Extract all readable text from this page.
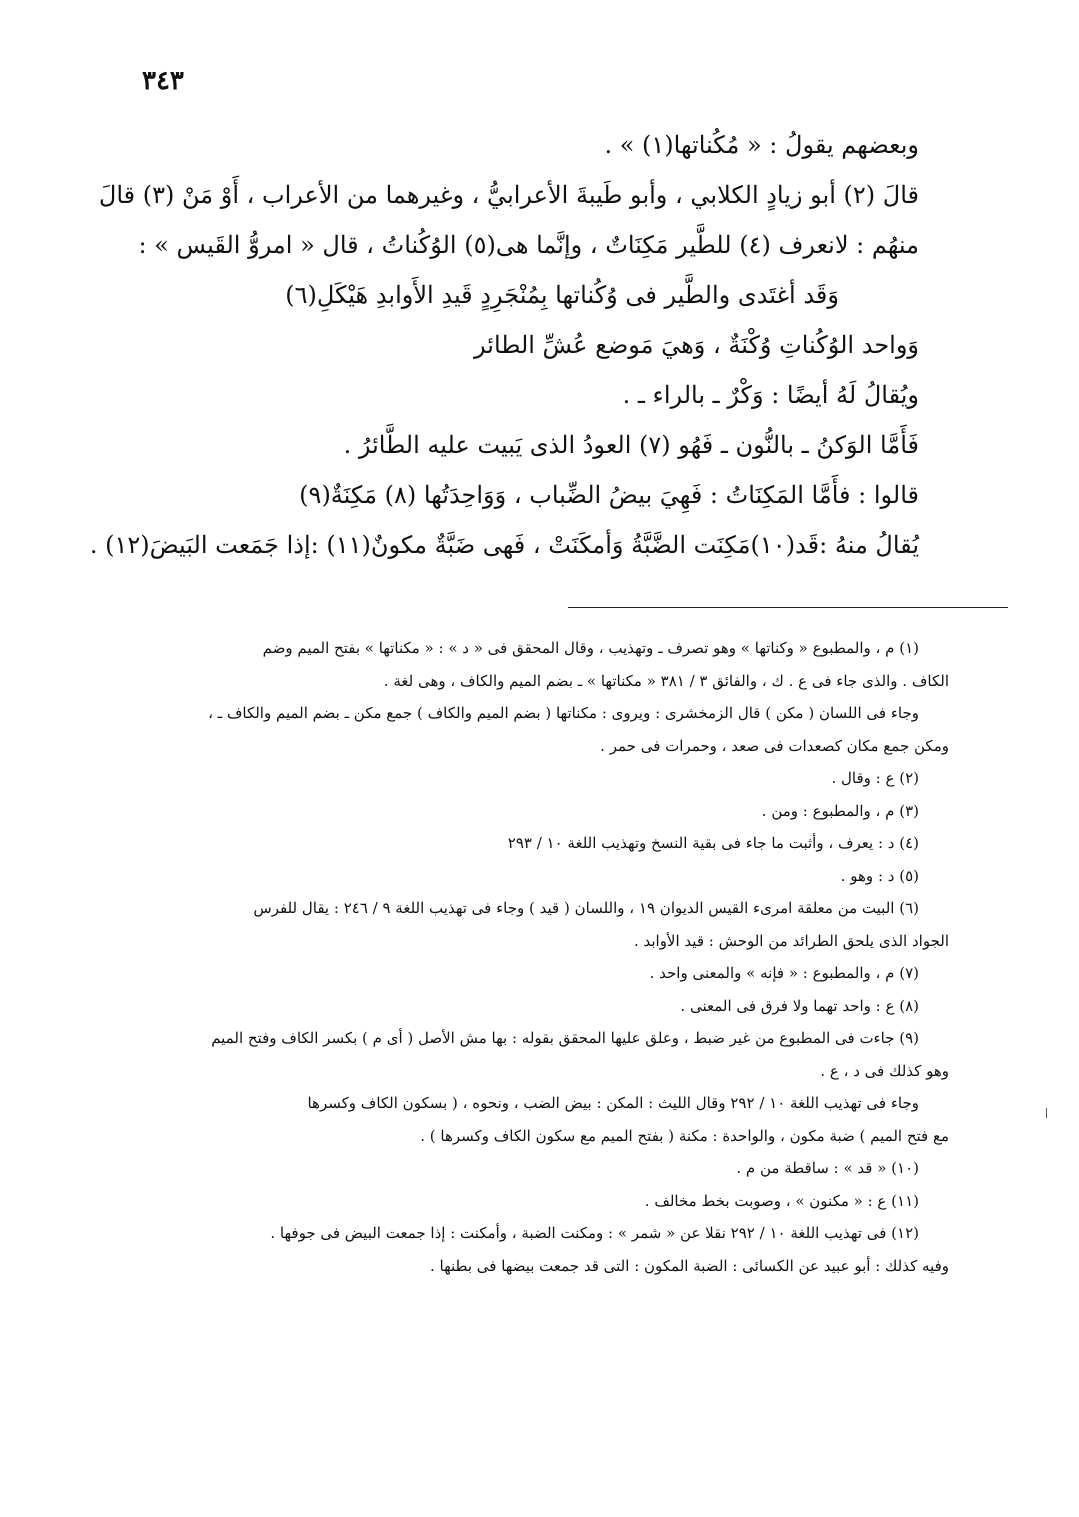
٣٤٣
وبعضهم يقولُ : « مُكُناتها(١) » .
قالَ (٢) أبو زيادٍ الكلابي ، وأبو طَيبةَ الأعرابيُّ ، وغيرهما من الأعراب ، أَوْ مَنْ (٣) قالَ
منهُم : لانعرف (٤) للطَّير مَكِنَاتٌ ، وإنَّما هى(٥) الوُكُناتُ ، قال « امروُّ القَيس » :
وَقَد أغتَدى والطَّير فى وُكُناتها بِمُنْجَرِدٍ قَيدِ الأَوابدِ هَيْكَلِ(٦)
وَواحد الوُكُناتِ وُكْنَةٌ ، وَهيَ مَوضع عُشِّ الطائر
ويُقالُ لَهُ أيضًا : وَكْرٌ ـ بالراء ـ .
فَأَمَّا الوَكنُ ـ بالنُّون ـ فَهُو (٧) العودُ الذى يَبيت عليه الطَّائرُ .
قالوا : فأَمَّا المَكِنَاتُ : فَهِيَ بيضُ الضِّباب ، وَوَاحِدَتُها (٨) مَكِنَةٌ(٩)
يُقالُ منهُ :قَد(١٠)مَكِنَت الضَّبَّةُ وَأمكَنَتْ ، فَهى ضَبَّةٌ مكونٌ(١١) :إذا جَمَعت البَيضَ(١٢) .
(١) م ، والمطبوع « وكناتها » وهو تصرف ـ وتهذيب ، وقال المحقق فى « د » : « مكناتها » بفتح الميم وضم
الكاف . والذى جاء فى ع . ك ، والفائق ٣ / ٣٨١ « مكناتها » ـ بضم الميم والكاف ، وهى لغة .
وجاء فى اللسان ( مكن ) قال الزمخشرى : ويروى : مكناتها ( بضم الميم والكاف ) جمع مكن ـ بضم الميم والكاف ـ ،
ومكن جمع مكان كصعدات فى صعد ، وحمرات فى حمر .
(٢) ع : وقال .
(٣) م ، والمطبوع : ومن .
(٤) د : يعرف ، وأثبت ما جاء فى بقية النسخ وتهذيب اللغة ١٠ / ٢٩٣
(٥) د : وهو .
(٦) البيت من معلقة امرىء القيس الديوان ١٩ ، واللسان ( قيد ) وجاء فى تهذيب اللغة ٩ / ٢٤٦ : يقال للفرس
الجواد الذى يلحق الطرائد من الوحش : قيد الأوابد .
(٧) م ، والمطبوع : « فإنه » والمعنى واحد .
(٨) ع : واحد تهما ولا فرق فى المعنى .
(٩) جاءت فى المطبوع من غير ضبط ، وعلق عليها المحقق بقوله : بها مش الأصل ( أى م ) بكسر الكاف وفتح الميم
وهو كذلك فى د ، ع .
وجاء فى تهذيب اللغة ١٠ / ٢٩٢ وقال الليث : المكن : بيض الضب ، ونحوه ، ( بسكون الكاف وكسرها
مع فتح الميم ) ضبة مكون ، والواحدة : مكنة ( بفتح الميم مع سكون الكاف وكسرها ) .
(١٠) « قد » : ساقطة من م .
(١١) ع : « مكنون » ، وصوبت بخط مخالف .
(١٢) فى تهذيب اللغة ١٠ / ٢٩٢ نقلا عن « شمر » : ومكنت الضبة ، وأمكنت : إذا جمعت البيض فى جوفها .
وفيه كذلك : أبو عبيد عن الكسائى : الضبة المكون : التى قد جمعت بيضها فى بطنها .
